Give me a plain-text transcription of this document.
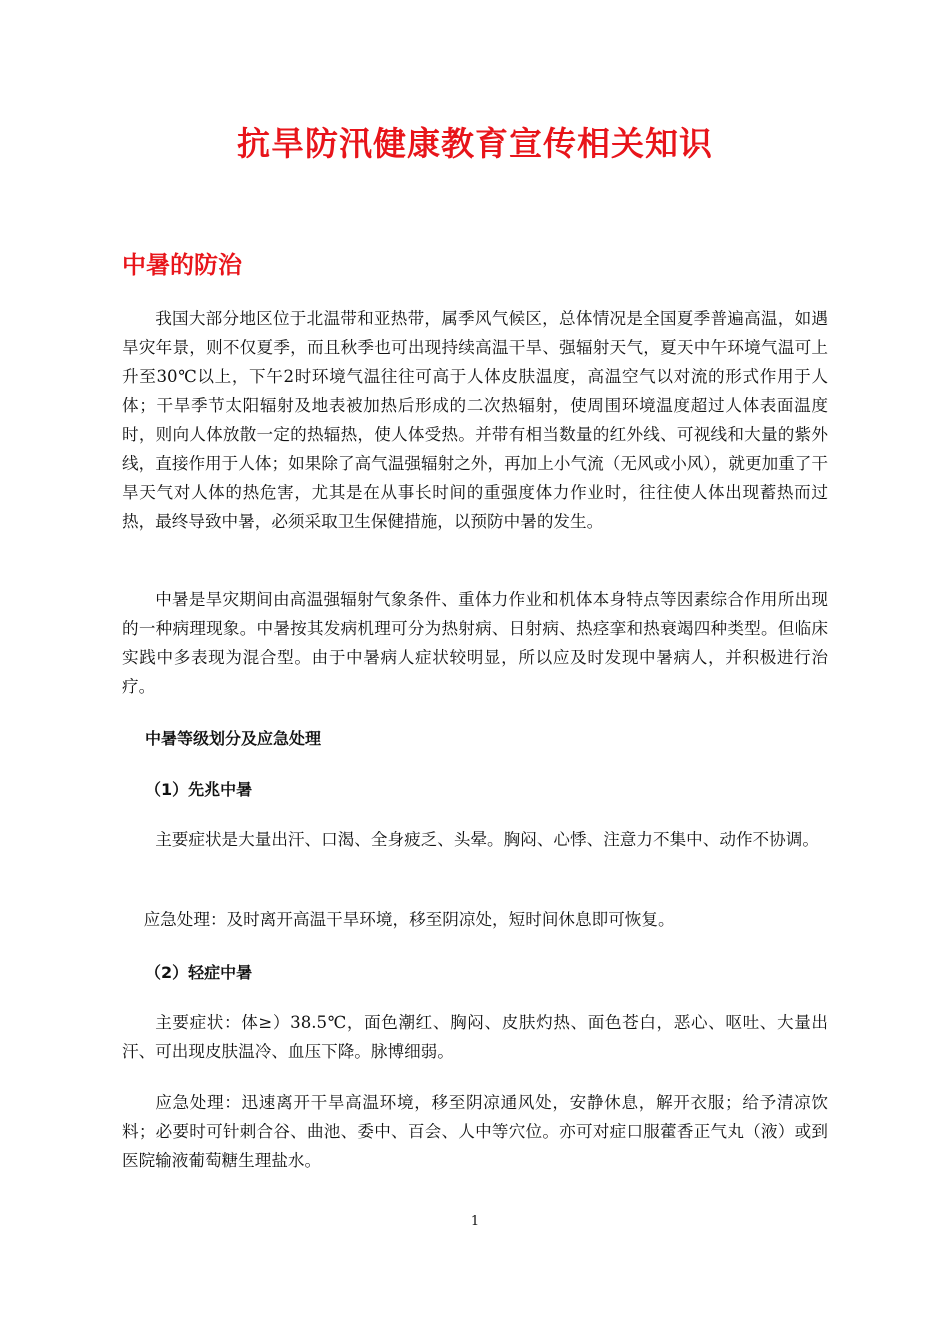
抗旱防汛健康教育宣传相关知识
中暑的防治

我国大部分地区位于北温带和亚热带，属季风气候区，总体情况是全国夏季普遍高温，如遇旱灾年景，则不仅夏季，而且秋季也可出现持续高温干旱、强辐射天气，夏天中午环境气温可上升至30℃以上，下午2时环境气温往往可高于人体皮肤温度，高温空气以对流的形式作用于人体；干旱季节太阳辐射及地表被加热后形成的二次热辐射，使周围环境温度超过人体表面温度时，则向人体放散一定的热辐热，使人体受热。并带有相当数量的红外线、可视线和大量的紫外线，直接作用于人体；如果除了高气温强辐射之外，再加上小气流（无风或小风），就更加重了干旱天气对人体的热危害，尤其是在从事长时间的重强度体力作业时，往往使人体出现蓄热而过热，最终导致中暑，必须采取卫生保健措施，以预防中暑的发生。

中暑是旱灾期间由高温强辐射气象条件、重体力作业和机体本身特点等因素综合作用所出现的一种病理现象。中暑按其发病机理可分为热射病、日射病、热痉挛和热衰竭四种类型。但临床实践中多表现为混合型。由于中暑病人症状较明显，所以应及时发现中暑病人，并积极进行治疗。

中暑等级划分及应急处理
（1）先兆中暑

主要症状是大量出汗、口渴、全身疲乏、头晕。胸闷、心悸、注意力不集中、动作不协调。

应急处理：及时离开高温干旱环境，移至阴凉处，短时间休息即可恢复。

（2）轻症中暑

主要症状：体≥）38.5℃，面色潮红、胸闷、皮肤灼热、面色苍白，恶心、呕吐、大量出汗、可出现皮肤温冷、血压下降。脉博细弱。

应急处理：迅速离开干旱高温环境，移至阴凉通风处，安静休息，解开衣服；给予清凉饮料；必要时可针刺合谷、曲池、委中、百会、人中等穴位。亦可对症口服藿香正气丸（液）或到医院输液葡萄糖生理盐水。

1
